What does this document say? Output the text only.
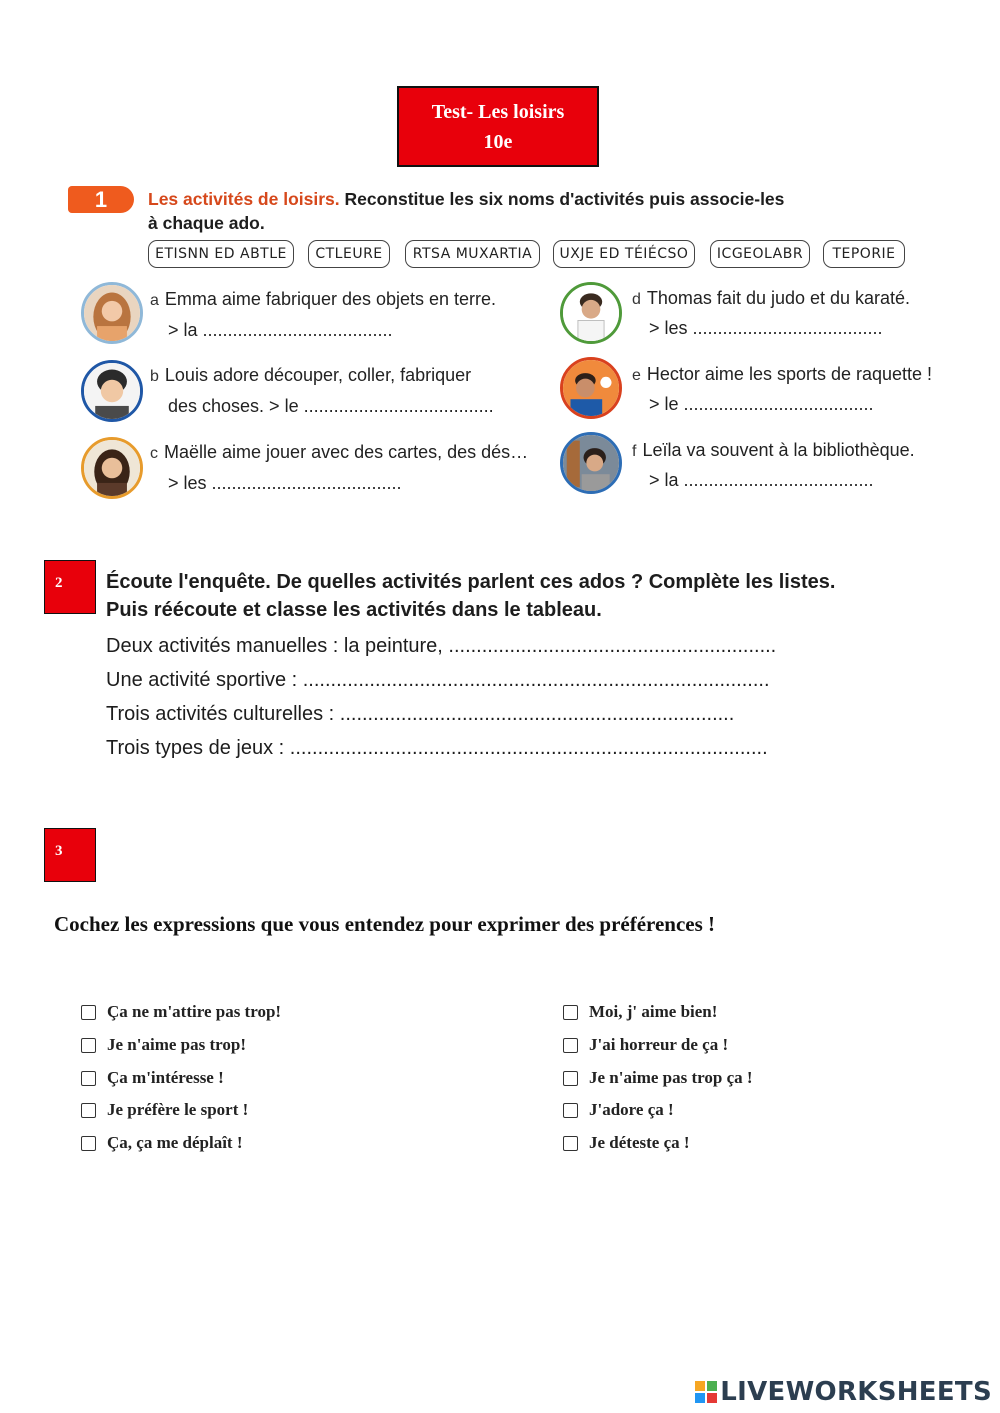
Test- Les loisirs
10e
1	Les activités de loisirs. Reconstitue les six noms d'activités puis associe-les
à chaque ado.
ETISNN ED ABTLE	CTLEURE	RTSA MUXARTIA	UXJE ED TÉIÉCSO	ICGEOLABR	TEPORIE
a Emma aime fabriquer des objets en terre.
> la ......................................
b Louis adore découper, coller, fabriquer
des choses. > le ......................................
c Maëlle aime jouer avec des cartes, des dés…
> les ......................................
d Thomas fait du judo et du karaté.
> les ......................................
e Hector aime les sports de raquette !
> le ......................................
f Leïla va souvent à la bibliothèque.
> la ......................................
2	Écoute l'enquête. De quelles activités parlent ces ados ? Complète les listes.
Puis réécoute et classe les activités dans le tableau.
Deux activités manuelles : la peinture, ...........................................................
Une activité sportive : ....................................................................................
Trois activités culturelles : .......................................................................
Trois types de jeux : ......................................................................................
3
Cochez les expressions que vous entendez pour exprimer des préférences !
Ça ne m'attire pas trop!
Je n'aime pas trop!
Ça m'intéresse !
Je préfère le sport !
Ça, ça me déplaît !
Moi, j' aime bien!
J'ai horreur de ça !
Je n'aime pas trop ça !
J'adore ça !
Je déteste ça !
LIVEWORKSHEETS
